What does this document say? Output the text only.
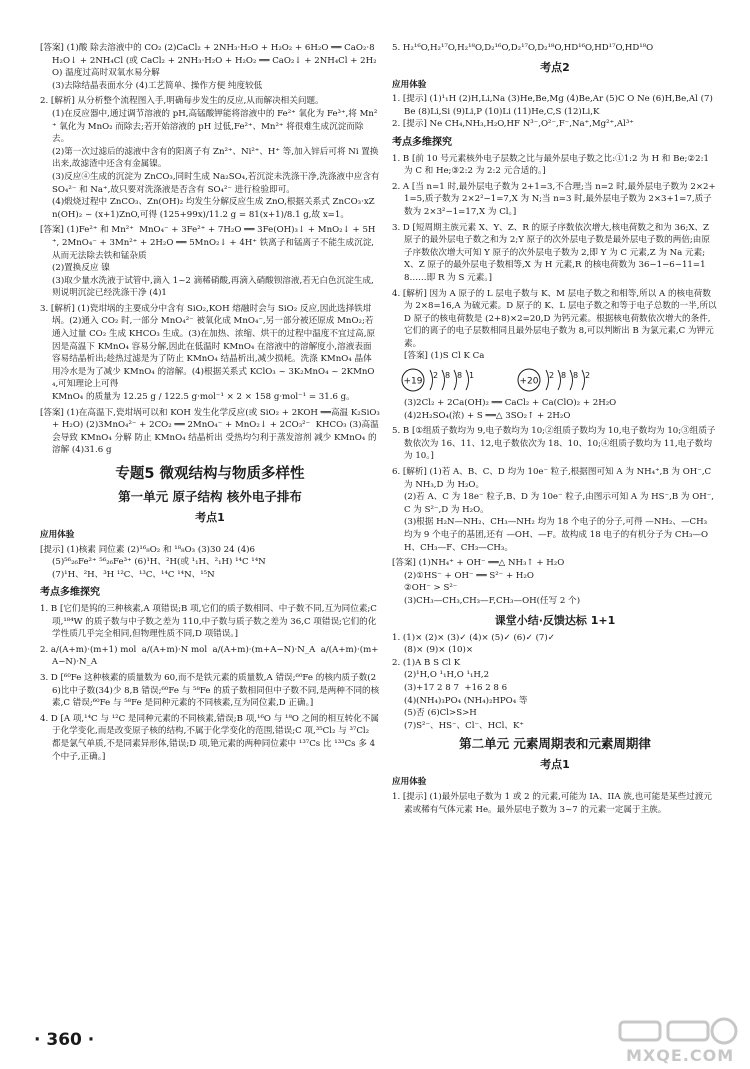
[答案] (1)酸 除去溶液中的 CO₂ (2)CaCl₂ + 2NH₃·H₂O + H₂O₂ + 6H₂O ══ CaO₂·8H₂O↓ + 2NH₄Cl (或 CaCl₂ + 2NH₃·H₂O + H₂O₂ ══ CaO₂↓ + 2NH₄Cl + 2H₂O) 温度过高时双氧水易分解

(3)去除结晶表面水分 (4)工艺简单、操作方便 纯度较低

2. [解析] 从分析整个流程图入手,明确每步发生的反应,从而解决相关问题。

(1)在反应器中,通过调节溶液的 pH,高锰酸钾能将溶液中的 Fe²⁺ 氧化为 Fe³⁺,将 Mn²⁺ 氧化为 MnO₂ 而除去;若开始溶液的 pH 过低,Fe²⁺、Mn²⁺ 将很难生成沉淀而除去。

(2)第一次过滤后的滤液中含有的阳离子有 Zn²⁺、Ni²⁺、H⁺ 等,加入锌后可将 Ni 置换出来,故滤渣中还含有金属镍。

(3)反应④生成的沉淀为 ZnCO₃,同时生成 Na₂SO₄,若沉淀未洗涤干净,洗涤液中应含有 SO₄²⁻ 和 Na⁺,故只要对洗涤液是否含有 SO₄²⁻ 进行检验即可。

(4)煅烧过程中 ZnCO₃、Zn(OH)₂ 均发生分解反应生成 ZnO,根据关系式 ZnCO₃·xZn(OH)₂ ~ (x+1)ZnO,可得 (125+99x)/11.2 g = 81(x+1)/8.1 g,故 x=1。

[答案] (1)Fe²⁺ 和 Mn²⁺  MnO₄⁻ + 3Fe²⁺ + 7H₂O ══ 3Fe(OH)₃↓ + MnO₂↓ + 5H⁺, 2MnO₄⁻ + 3Mn²⁺ + 2H₂O ══ 5MnO₂↓ + 4H⁺ 铁离子和锰离子不能生成沉淀,从而无法除去铁和锰杂质

(2)置换反应 镍

(3)取少量水洗液于试管中,滴入 1~2 滴稀硝酸,再滴入硝酸钡溶液,若无白色沉淀生成,则说明沉淀已经洗涤干净 (4)1

3. [解析] (1)瓷坩埚的主要成分中含有 SiO₂,KOH 熔融时会与 SiO₂ 反应,因此选择铁坩埚。(2)通入 CO₂ 时,一部分 MnO₄²⁻ 被氧化成 MnO₄⁻,另一部分被还原成 MnO₂;若通入过量 CO₂ 生成 KHCO₃ 生成。(3)在加热、浓缩、烘干的过程中温度不宜过高,原因是高温下 KMnO₄ 容易分解,因此在低温时 KMnO₄ 在溶液中的溶解度小,溶液表面容易结晶析出;趁热过滤是为了防止 KMnO₄ 结晶析出,减少损耗。洗涤 KMnO₄ 晶体用冷水是为了减少 KMnO₄ 的溶解。(4)根据关系式 KClO₃ ~ 3K₂MnO₄ ~ 2KMnO₄,可知理论上可得

KMnO₄ 的质量为 12.25 g / 122.5 g·mol⁻¹ × 2 × 158 g·mol⁻¹ = 31.6 g。

[答案] (1)在高温下,瓷坩埚可以和 KOH 发生化学反应(或 SiO₂ + 2KOH ══高温 K₂SiO₃ + H₂O) (2)3MnO₄²⁻ + 2CO₂ ══ 2MnO₄⁻ + MnO₂↓ + 2CO₃²⁻  KHCO₃ (3)高温会导致 KMnO₄ 分解 防止 KMnO₄ 结晶析出 受热均匀利于蒸发溶剂 减少 KMnO₄ 的溶解 (4)31.6 g

专题5 微观结构与物质多样性
第一单元 原子结构 核外电子排布
考点1
应用体验

[提示] (1)核素 同位素 (2)¹⁶₈O₂ 和 ¹⁸₈O₃ (3)30 24 (4)6

(5)⁵⁶₂₆Fe²⁺ ⁵⁶₂₆Fe³⁺ (6)¹H、²H(或 ¹₁H、²₁H) ¹⁴C ¹⁴N

(7)¹H、²H、³H ¹²C、¹³C、¹⁴C ¹⁴N、¹⁵N

考点多维探究

1. B [它们是钨的三种核素,A 项错误;B 项,它们的质子数相同、中子数不同,互为同位素;C 项,¹⁸⁴W 的质子数与中子数之差为 110,中子数与质子数之差为 36,C 项错误;它们的化学性质几乎完全相同,但物理性质不同,D 项错误。]

2. a/(A+m)·(m+1) mol  a/(A+m)·N mol  a/(A+m)·(m+A−N)·N_A  a/(A+m)·(m+A−N)·N_A

3. D [⁶⁰Fe 这种核素的质量数为 60,而不是铁元素的质量数,A 错误;⁶⁰Fe 的核内质子数(26)比中子数(34)少 8,B 错误;⁶⁰Fe 与 ⁵⁸Fe 的质子数相同但中子数不同,是两种不同的核素,C 错误;⁶⁰Fe 与 ⁵⁸Fe 是同种元素的不同核素,互为同位素,D 正确。]

4. D [A 项,¹⁴C 与 ¹²C 是同种元素的不同核素,错误;B 项,¹⁶O 与 ¹⁸O 之间的相互转化不属于化学变化,而是改变原子核的结构,不属于化学变化的范围,错误;C 项,³⁵Cl₂ 与 ³⁷Cl₂ 都是氯气单质,不是同素异形体,错误;D 项,铯元素的两种同位素中 ¹³⁷Cs 比 ¹³³Cs 多 4 个中子,正确。]

5. H₂¹⁶O,H₂¹⁷O,H₂¹⁸O,D₂¹⁶O,D₂¹⁷O,D₂¹⁸O,HD¹⁶O,HD¹⁷O,HD¹⁸O

考点2
应用体验

1. [提示] (1)¹₁H (2)H,Li,Na (3)He,Be,Mg (4)Be,Ar (5)C O Ne (6)H,Be,Al (7)Be (8)Li,Si (9)Li,P (10)Li (11)He,C,S (12)Li,K

2. [提示] Ne CH₄,NH₃,H₂O,HF N³⁻,O²⁻,F⁻,Na⁺,Mg²⁺,Al³⁺

考点多维探究

1. B [前 10 号元素核外电子层数之比与最外层电子数之比:①1:2 为 H 和 Be;②2:1 为 C 和 He;③2:2 为 2:2 元合适的。]

2. A [当 n=1 时,最外层电子数为 2+1=3,不合理;当 n=2 时,最外层电子数为 2×2+1=5,质子数为 2×2²−1=7,X 为 N;当 n=3 时,最外层电子数为 2×3+1=7,质子数为 2×3²−1=17,X 为 Cl。]

3. D [短周期主族元素 X、Y、Z、R 的原子序数依次增大,核电荷数之和为 36;X、Z 原子的最外层电子数之和为 2;Y 原子的次外层电子数是最外层电子数的两倍;由原子序数依次增大可知 Y 原子的次外层电子数为 2,即 Y 为 C 元素,Z 为 Na 元素;X、Z 原子的最外层电子数相等,X 为 H 元素,R 的核电荷数为 36−1−6−11=18……即 R 为 S 元素。]

4. [解析] 因为 A 原子的 L 层电子数与 K、M 层电子数之和相等,所以 A 的核电荷数为 2×8=16,A 为硫元素。D 原子的 K、L 层电子数之和等于电子总数的一半,所以 D 原子的核电荷数是 (2+8)×2=20,D 为钙元素。根据核电荷数依次增大的条件,它们的离子的电子层数相同且最外层电子数为 8,可以判断出 B 为氯元素,C 为钾元素。

[答案] (1)S Cl K Ca

+19
2 8 8 1
+20
2 8 8 2

(3)2Cl₂ + 2Ca(OH)₂ ══ CaCl₂ + Ca(ClO)₂ + 2H₂O

(4)2H₂SO₄(浓) + S ══△ 3SO₂↑ + 2H₂O

5. B [①组质子数均为 9,电子数均为 10;②组质子数均为 10,电子数均为 10;③组质子数依次为 16、11、12,电子数依次为 18、10、10;④组质子数均为 11,电子数均为 10。]

6. [解析] (1)若 A、B、C、D 均为 10e⁻ 粒子,根据图可知 A 为 NH₄⁺,B 为 OH⁻,C 为 NH₃,D 为 H₂O。

(2)若 A、C 为 18e⁻ 粒子,B、D 为 10e⁻ 粒子,由图示可知 A 为 HS⁻,B 为 OH⁻,C 为 S²⁻,D 为 H₂O。

(3)根据 H₂N—NH₂、CH₃—NH₂ 均为 18 个电子的分子,可得 —NH₂、—CH₃ 均为 9 个电子的基团,还有 —OH、—F。故构成 18 电子的有机分子为 CH₃—OH、CH₃—F、CH₃—CH₃。

[答案] (1)NH₄⁺ + OH⁻ ══△ NH₃↑ + H₂O

(2)①HS⁻ + OH⁻ ══ S²⁻ + H₂O

②OH⁻ > S²⁻

(3)CH₃—CH₃,CH₃—F,CH₃—OH(任写 2 个)

课堂小结·反馈达标 1+1

1. (1)× (2)× (3)✓ (4)× (5)✓ (6)✓ (7)✓

(8)× (9)× (10)×

2. (1)A B S Cl K

(2)¹H,O ¹₁H,O ¹₁H,2

(3)+17 2 8 7  +16 2 8 6

(4)(NH₄)₃PO₄ (NH₄)₂HPO₄ 等

(5)否 (6)Cl>S>H

(7)S²⁻、HS⁻、Cl⁻、HCl、K⁺

第二单元 元素周期表和元素周期律
考点1
应用体验

1. [提示] (1)最外层电子数为 1 或 2 的元素,可能为 IA、IIA 族,也可能是某些过渡元素或稀有气体元素 He。最外层电子数为 3~7 的元素一定属于主族。

· 360 ·
MXQE.COM
